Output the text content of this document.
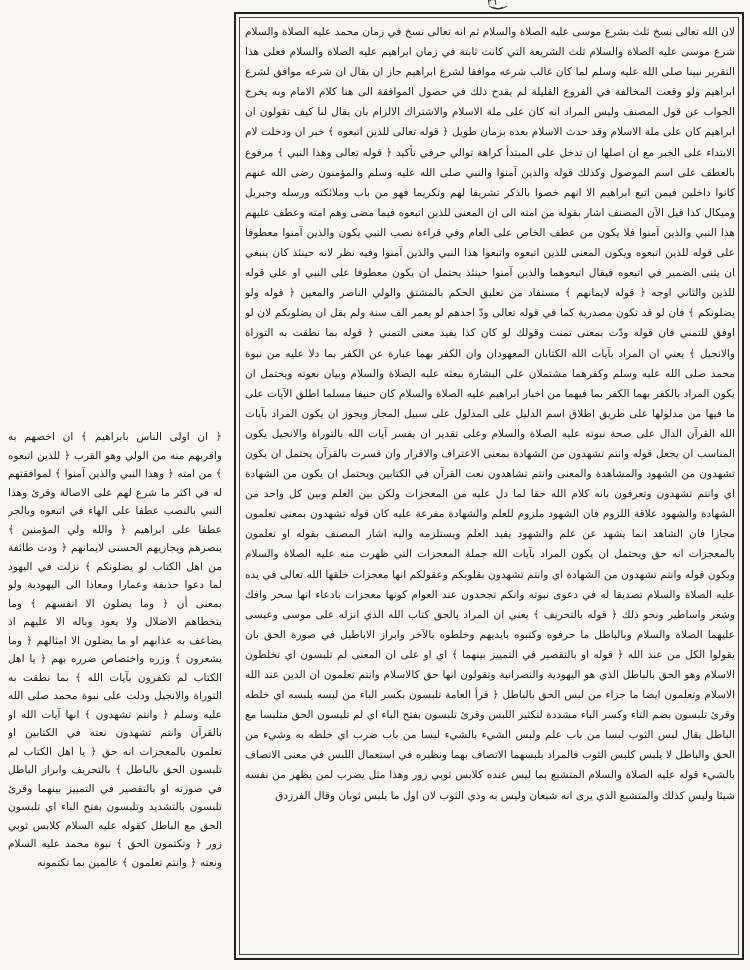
٢٦

لان الله تعالى نسخ ثلث بشرع موسى عليه الصلاة والسلام ثم انه تعالى نسخ في زمان محمد عليه الصلاة والسلام شرع موسى عليه الصلاة والسلام ثلث الشريعة التي كانت ثابتة في زمان ابراهيم عليه الصلاة والسلام فعلى هذا التقرير نبينا صلى الله عليه وسلم لما كان غالب شرعه موافقا لشرع ابراهيم جاز ان يقال ان شرعه موافق لشرع ابراهيم ولو وقعت المخالفة في الفروع القليلة لم يقدح ذلك في حصول الموافقة الى هنا كلام الامام وبه يخرج الجواب عن قول المصنف وليس المراد انه كان على ملة الاسلام والاشتراك الالزام بان يقال لنا كيف تقولون ان ابراهيم كان على ملة الاسلام وقد حدث الاسلام بعده بزمان طويل ﴿ قوله تعالى للذين اتبعوه ﴾ خبر ان ودخلت لام الابتداء على الخبر مع ان اصلها ان تدخل على المبتدأ كراهة توالي حرفي تأكيد ﴿ قوله تعالى وهذا النبي ﴾ مرفوع بالعطف على اسم الموصول وكذلك قوله والذين آمنوا والنبي صلى الله عليه وسلم والمؤمنون رضى الله عنهم كانوا داخلين فيمن اتبع ابراهيم الا انهم خصوا بالذكر تشريفا لهم وتكريما فهو من باب وملائكته ورسله وجبريل وميكال كذا قيل الآن المصنف اشار بقوله من امته الى ان المعنى للذين اتبعوه فيما مضى وهم امته وعطف عليهم هذا النبي والذين آمنوا فلا يكون من عطف الخاص على العام وفي قراءة نصب النبي يكون والذين آمنوا معطوفا على قوله للذين اتبعوه ويكون المعنى للذين اتبعوه واتبعوا هذا النبي والذين آمنوا وفيه نظر لانه حينئذ كان ينبغي ان يثنى الضمير في اتبعوه فيقال اتبعوهما والذين آمنوا حينئذ يحتمل ان يكون معطوفا على النبي او على قوله للذين والثاني اوجه ﴿ قوله لايمانهم ﴾ مستفاد من تعليق الحكم بالمشتق والولي الناصر والمعين ﴿ قوله ولو يضلونكم ﴾ فان لو قد تكون مصدرية كما في قوله تعالى ودّ احدهم لو يعمر الف سنة ولم يقل ان يضلونكم لان لو اوفق للتمني فان قوله ودّت بمعنى تمنت وقولك لو كان كذا يفيد معنى التمني ﴿ قوله بما نطقت به التوراة والانجيل ﴾ يعني ان المراد بآيات الله الكتابان المعهودان وان الكفر بهما عبارة عن الكفر بما دلا عليه من نبوة محمد صلى الله عليه وسلم وكفرهما مشتملان على البشارة ببعثه عليه الصلاة والسلام وبيان نعوته ويحتمل ان يكون المراد بالكفر بهما الكفر بما فيهما من اخبار ابراهيم عليه الصلاة والسلام كان حنيفا مسلما اطلق الآيات على ما فيها من مدلولها على طريق اطلاق اسم الدليل على المدلول على سبيل المجاز ويجوز ان يكون المراد بآيات الله القرآن الدال على صحة نبوته عليه الصلاة والسلام وعلى تقدير ان يفسر آيات الله بالتوراة والانجيل يكون المناسب ان يجعل قوله وانتم تشهدون من الشهادة بمعنى الاعتراف والاقرار وان فسرت بالقرآن يحتمل ان يكون تشهدون من الشهود والمشاهدة والمعنى وانتم تشاهدون نعت القرآن في الكتابين ويحتمل ان يكون من الشهادة اي وانتم تشهدون وتعرفون بانه كلام الله حقا لما دل عليه من المعجزات ولكن بين العلم وبين كل واحد من الشهادة والشهود علاقة اللزوم فان الشهود ملزوم للعلم والشهادة مفرعة عليه كان قوله تشهدون بمعنى تعلمون مجازا فان الشاهد انما يشهد عن علم والشهود يفيد العلم ويستلزمه واليه اشار المصنف بقوله او تعلمون بالمعجزات انه حق ويحتمل ان يكون المراد بآيات الله جملة المعجزات التي ظهرت منه عليه الصلاة والسلام ويكون قوله وانتم تشهدون من الشهادة اي وانتم تشهدون بقلوبكم وعقولكم انها معجزات خلقها الله تعالى في يده عليه الصلاة والسلام تصديقا له في دعوى نبوته وانكم تجحدون عند العوام كونها معجزات بادعاء انها سحر وافك وشعر واساطير ونحو ذلك ﴿ قوله بالتحريف ﴾ يعني ان المراد بالحق كتاب الله الذي انزله على موسى وعيسى عليهما الصلاة والسلام وبالباطل ما حرفوه وكتبوه بايديهم وخلطوه بالآخر وابراز الاباطيل في صورة الحق بان يقولوا الكل من عند الله ﴿ قوله او بالتقصير في التمييز بينهما ﴾ اي او على ان المعنى لم تلبسون اي تخلطون الاسلام وهو الحق بالباطل الذي هو اليهودية والنصرانية وتقولون انها حق كالاسلام وانتم تعلمون ان الدين عند الله الاسلام وتعلمون ايضا ما جزاء من لبس الحق بالباطل ﴿ قرأ العامة تلبسون بكسر الباء من لبسه يلبسه اي خلطه وقرئ تلبسون بضم التاء وكسر الباء مشددة لتكثير اللبس وقرئ تلبسون بفتح الباء اي لم تلبسون الحق متلبسا مع الباطل يقال لبس الثوب لبسا من باب علم ولبس الشيء بالشيء لبسا من باب ضرب اي خلطه به وشيء من الحق والباطل لا يلبس كلبس الثوب فالمراد بلبسهما الاتصاف بهما ونظيره في استعمال اللبس في معنى الاتصاف بالشيء قوله عليه الصلاة والسلام المتشبع بما ليس عنده كلابس ثوبي زور وهذا مثل يضرب لمن يظهر من نفسه شيئا وليس كذلك والمتشبع الذي يرى انه شبعان وليس به وذي الثوب لان اول ما يلبس ثوبان وقال الفرزدق

﴿ ان اولى الناس بابراهيم ﴾ ان اخصهم به واقربهم منه من الولي وهو القرب ﴿ للذين اتبعوه ﴾ من امته ﴿ وهذا النبي والذين آمنوا ﴾ لموافقتهم له في اكثر ما شرع لهم على الاصالة وقرئ وهذا النبي بالنصب عطفا على الهاء في اتبعوه وبالجر عطفا على ابراهيم ﴿ والله ولي المؤمنين ﴾ ينصرهم ويجازيهم الحسنى لايمانهم ﴿ ودت طائفة من اهل الكتاب لو يضلونكم ﴾ نزلت في اليهود لما دعوا حذيفة وعمارا ومعاذا الى اليهودية ولو بمعنى أن ﴿ وما يضلون الا انفسهم ﴾ وما يتخطاهم الاضلال ولا يعود وباله الا عليهم اذ يضاعف به عذابهم او ما يضلون الا امثالهم ﴿ وما يشعرون ﴾ وزره واختصاص ضرره بهم ﴿ يا اهل الكتاب لم تكفرون بآيات الله ﴾ بما نطقت به التوراة والانجيل ودلت على نبوة محمد صلى الله عليه وسلم ﴿ وانتم تشهدون ﴾ انها آيات الله او بالقرآن وانتم تشهدون نعته في الكتابين او تعلمون بالمعجزات انه حق ﴿ يا اهل الكتاب لم تلبسون الحق بالباطل ﴾ بالتحريف وابراز الباطل في صورته او بالتقصير في التمييز بينهما وقرئ تلبسون بالتشديد وتلبسون بفتح الباء اي تلبسون الحق مع الباطل كقوله عليه السلام كلابس ثوبي زور ﴿ وتكتمون الحق ﴾ نبوة محمد عليه السلام ونعته ﴿ وانتم تعلمون ﴾ عالمين بما تكتمونه
